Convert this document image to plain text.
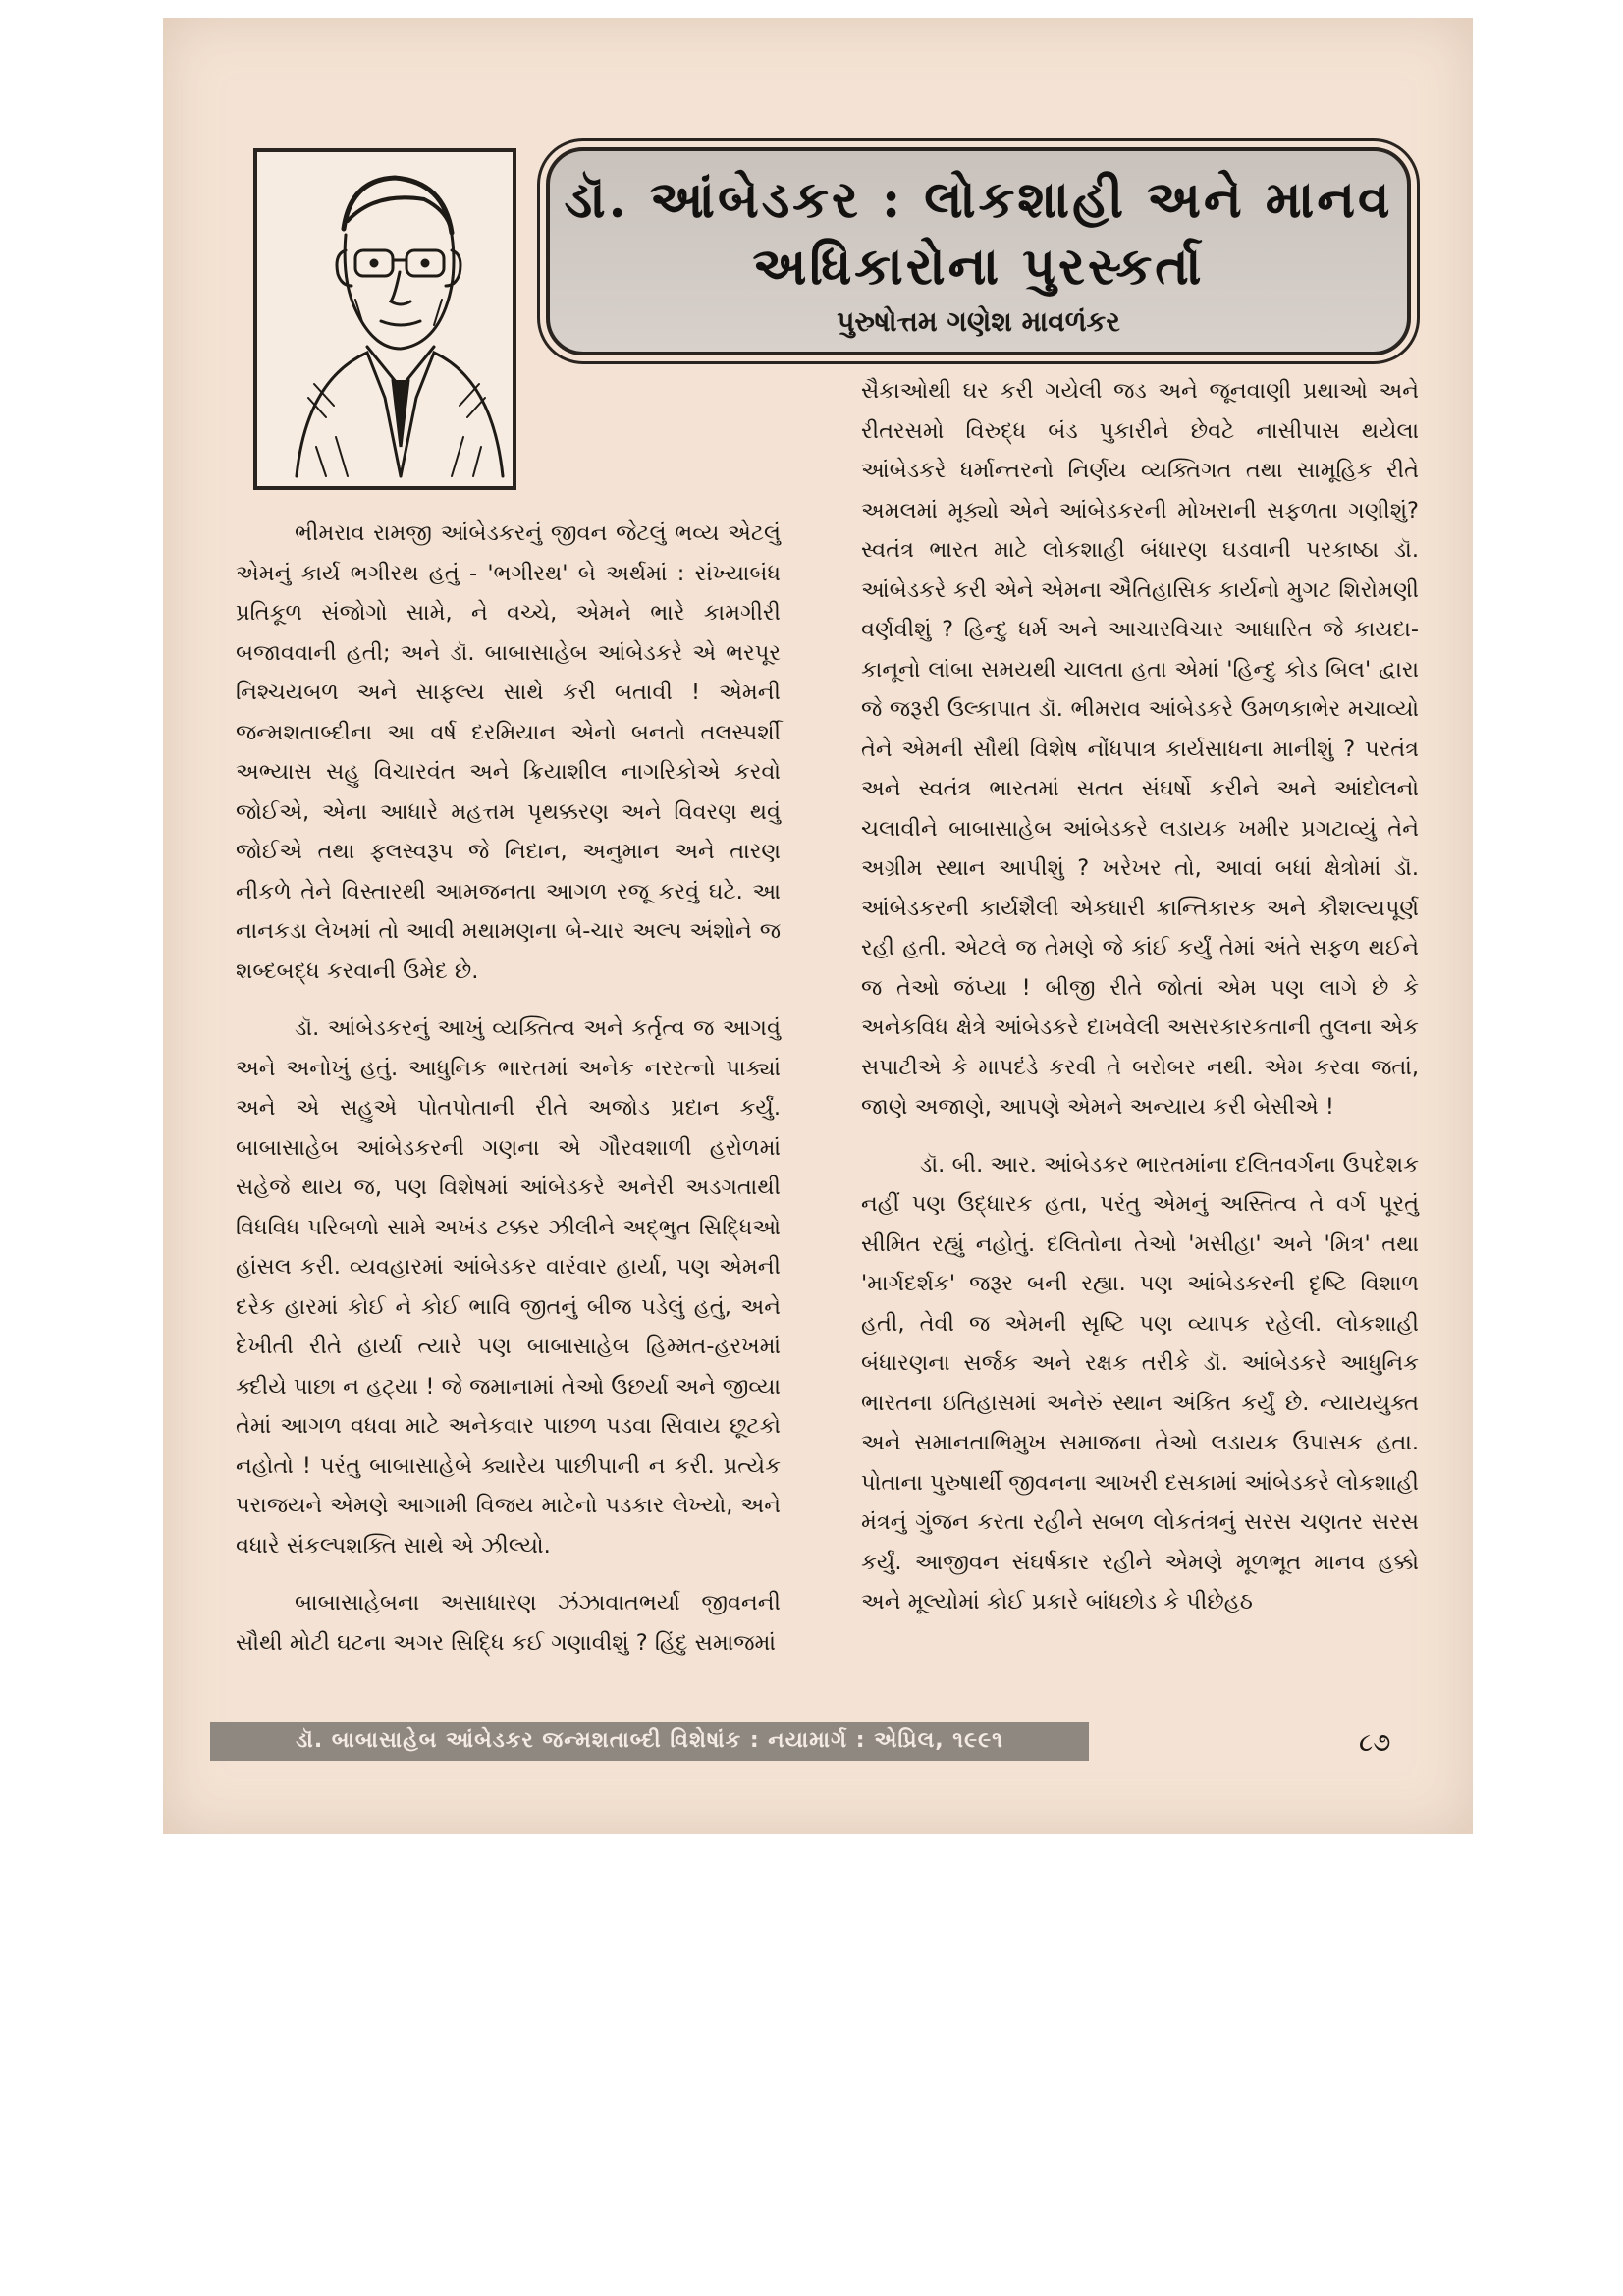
ડૉ. આંબેડકર : લોકશાહી અને માનવ
અધિકારોના પુરસ્કર્તા
પુરુષોત્તમ ગણેશ માવળંકર

ભીમરાવ રામજી આંબેડકરનું જીવન જેટલું ભવ્ય એટલું એમનું કાર્ય ભગીરથ હતું - 'ભગીરથ' બે અર્થમાં : સંખ્યાબંધ પ્રતિકૂળ સંજોગો સામે, ને વચ્ચે, એમને ભારે કામગીરી બજાવવાની હતી; અને ડૉ. બાબાસાહેબ આંબેડકરે એ ભરપૂર નિશ્ચયબળ અને સાફલ્ય સાથે કરી બતાવી ! એમની જન્મશતાબ્દીના આ વર્ષ દરમિયાન એનો બનતો તલસ્પર્શી અભ્યાસ સહુ વિચારવંત અને ક્રિયાશીલ નાગરિકોએ કરવો જોઈએ, એના આધારે મહત્તમ પૃથક્કરણ અને વિવરણ થવું જોઈએ તથા ફલસ્વરૂપ જે નિદાન, અનુમાન અને તારણ નીકળે તેને વિસ્તારથી આમજનતા આગળ રજૂ કરવું ઘટે. આ નાનકડા લેખમાં તો આવી મથામણના બે-ચાર અલ્પ અંશોને જ શબ્દબદ્ધ કરવાની ઉમેદ છે.

ડૉ. આંબેડકરનું આખું વ્યક્તિત્વ અને કર્તૃત્વ જ આગવું અને અનોખું હતું. આધુનિક ભારતમાં અનેક નરરત્નો પાક્યાં અને એ સહુએ પોતપોતાની રીતે અજોડ પ્રદાન કર્યું. બાબાસાહેબ આંબેડકરની ગણના એ ગૌરવશાળી હરોળમાં સહેજે થાય જ, પણ વિશેષમાં આંબેડકરે અનેરી અડગતાથી વિધવિધ પરિબળો સામે અખંડ ટક્કર ઝીલીને અદ્ભુત સિદ્ધિઓ હાંસલ કરી. વ્યવહારમાં આંબેડકર વારંવાર હાર્યા, પણ એમની દરેક હારમાં કોઈ ને કોઈ ભાવિ જીતનું બીજ પડેલું હતું, અને દેખીતી રીતે હાર્યા ત્યારે પણ બાબાસાહેબ હિમ્મત-હરખમાં ક્દીયે પાછા ન હટ્યા ! જે જમાનામાં તેઓ ઉછર્યા અને જીવ્યા તેમાં આગળ વધવા માટે અનેકવાર પાછળ પડવા સિવાય છૂટકો નહોતો ! પરંતુ બાબાસાહેબે ક્યારેય પાછીપાની ન કરી. પ્રત્યેક પરાજયને એમણે આગામી વિજય માટેનો પડકાર લેખ્યો, અને વધારે સંકલ્પશક્તિ સાથે એ ઝીલ્યો.

બાબાસાહેબના અસાધારણ ઝંઝાવાતભર્યા જીવનની સૌથી મોટી ઘટના અગર સિદ્ધિ કઈ ગણાવીશું ? હિંદુ સમાજમાં

સૈકાઓથી ઘર કરી ગયેલી જડ અને જૂનવાણી પ્રથાઓ અને રીતરસમો વિરુદ્ધ બંડ પુકારીને છેવટે નાસીપાસ થયેલા આંબેડકરે ધર્માન્તરનો નિર્ણય વ્યક્તિગત તથા સામૂહિક રીતે અમલમાં મૂક્યો એને આંબેડકરની મોખરાની સફળતા ગણીશું? સ્વતંત્ર ભારત માટે લોકશાહી બંધારણ ઘડવાની પરકાષ્ઠા ડૉ. આંબેડકરે કરી એને એમના ઐતિહાસિક કાર્યનો મુગટ શિરોમણી વર્ણવીશું ? હિન્દુ ધર્મ અને આચારવિચાર આધારિત જે કાયદા-કાનૂનો લાંબા સમયથી ચાલતા હતા એમાં 'હિન્દુ કોડ બિલ' દ્વારા જે જરૂરી ઉલ્કાપાત ડૉ. ભીમરાવ આંબેડકરે ઉમળકાભેર મચાવ્યો તેને એમની સૌથી વિશેષ નોંધપાત્ર કાર્યસાધના માનીશું ? પરતંત્ર અને સ્વતંત્ર ભારતમાં સતત સંઘર્ષો કરીને અને આંદોલનો ચલાવીને બાબાસાહેબ આંબેડકરે લડાયક ખમીર પ્રગટાવ્યું તેને અગ્રીમ સ્થાન આપીશું ? ખરેખર તો, આવાં બધાં ક્ષેત્રોમાં ડૉ. આંબેડકરની કાર્યશૈલી એકધારી ક્રાન્તિકારક અને કૌશલ્યપૂર્ણ રહી હતી. એટલે જ તેમણે જે કાંઈ કર્યું તેમાં અંતે સફળ થઈને જ તેઓ જંપ્યા ! બીજી રીતે જોતાં એમ પણ લાગે છે કે અનેકવિધ ક્ષેત્રે આંબેડકરે દાખવેલી અસરકારકતાની તુલના એક સપાટીએ કે માપદંડે કરવી તે બરોબર નથી. એમ કરવા જતાં, જાણે અજાણે, આપણે એમને અન્યાય કરી બેસીએ !

ડૉ. બી. આર. આંબેડકર ભારતમાંના દલિતવર્ગના ઉપદેશક નહીં પણ ઉદ્ધારક હતા, પરંતુ એમનું અસ્તિત્વ તે વર્ગ પૂરતું સીમિત રહ્યું નહોતું. દલિતોના તેઓ 'મસીહા' અને 'મિત્ર' તથા 'માર્ગદર્શક' જરૂર બની રહ્યા. પણ આંબેડકરની દૃષ્ટિ વિશાળ હતી, તેવી જ એમની સૃષ્ટિ પણ વ્યાપક રહેલી. લોકશાહી બંધારણના સર્જક અને રક્ષક તરીકે ડૉ. આંબેડકરે આધુનિક ભારતના ઇતિહાસમાં અનેરું સ્થાન અંકિત કર્યું છે. ન્યાયયુક્ત અને સમાનતાભિમુખ સમાજના તેઓ લડાયક ઉપાસક હતા. પોતાના પુરુષાર્થી જીવનના આખરી દસકામાં આંબેડકરે લોકશાહી મંત્રનું ગુંજન કરતા રહીને સબળ લોકતંત્રનું સરસ ચણતર સરસ કર્યું. આજીવન સંઘર્ષકાર રહીને એમણે મૂળભૂત માનવ હક્કો અને મૂલ્યોમાં કોઈ પ્રકારે બાંધછોડ કે પીછેહઠ

ડૉ. બાબાસાહેબ આંબેડકર જન્મશતાબ્દી વિશેષાંક : નયામાર્ગ : એપ્રિલ, ૧૯૯૧	૮૭
